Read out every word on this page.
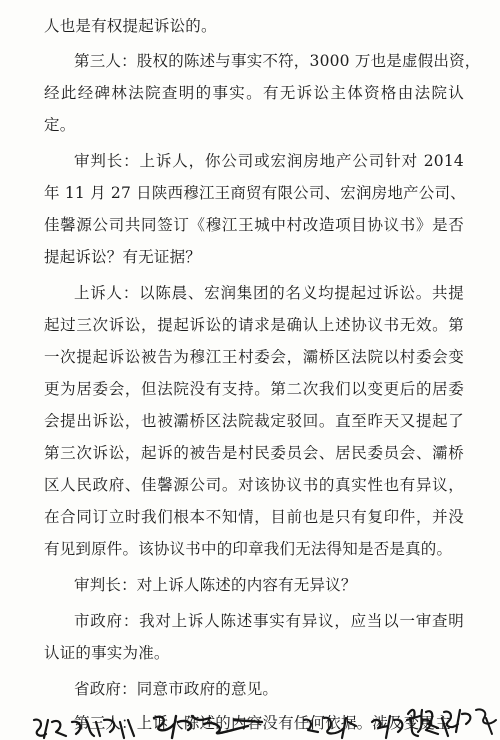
人也是有权提起诉讼的。
第三人：股权的陈述与事实不符，3000 万也是虚假出资，
经此经碑林法院查明的事实。有无诉讼主体资格由法院认
定。
审判长：上诉人，你公司或宏润房地产公司针对 2014
年 11 月 27 日陕西穆江王商贸有限公司、宏润房地产公司、
佳馨源公司共同签订《穆江王城中村改造项目协议书》是否
提起诉讼？有无证据？
上诉人：以陈晨、宏润集团的名义均提起过诉讼。共提
起过三次诉讼，提起诉讼的请求是确认上述协议书无效。第
一次提起诉讼被告为穆江王村委会，灞桥区法院以村委会变
更为居委会，但法院没有支持。第二次我们以变更后的居委
会提出诉讼，也被灞桥区法院裁定驳回。直至昨天又提起了
第三次诉讼，起诉的被告是村民委员会、居民委员会、灞桥
区人民政府、佳馨源公司。对该协议书的真实性也有异议，
在合同订立时我们根本不知情，目前也是只有复印件，并没
有见到原件。该协议书中的印章我们无法得知是否是真的。
审判长：对上诉人陈述的内容有无异议？
市政府：我对上诉人陈述事实有异议，应当以一审查明
认证的事实为准。
省政府：同意市政府的意见。
第三人：上诉人陈述的内容没有任何依据。涉及变更主
